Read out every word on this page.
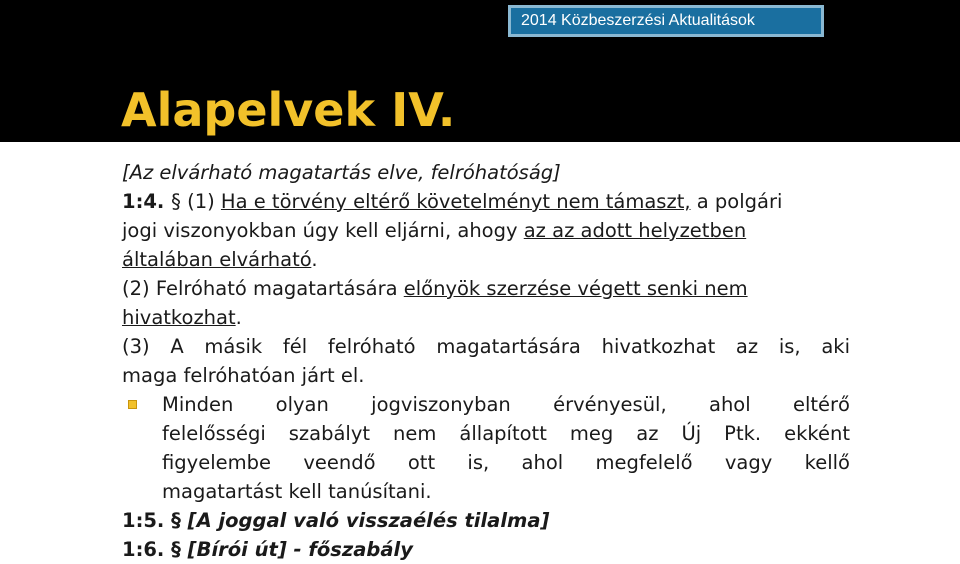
2014 Közbeszerzési Aktualitások
Alapelvek IV.

[Az elvárható magatartás elve, felróhatóság]

1:4. § (1) Ha e törvény eltérő követelményt nem támaszt, a polgári

jogi viszonyokban úgy kell eljárni, ahogy az az adott helyzetben

általában elvárható.

(2) Felróható magatartására előnyök szerzése végett senki nem

hivatkozhat.

(3) A másik fél felróható magatartására hivatkozhat az is, aki

maga felróhatóan járt el.

Minden olyan jogviszonyban érvényesül, ahol eltérő

felelősségi szabályt nem állapított meg az Új Ptk. ekként

figyelembe veendő ott is, ahol megfelelő vagy kellő

magatartást kell tanúsítani.

1:5. § [A joggal való visszaélés tilalma]

1:6. § [Bírói út] - főszabály
